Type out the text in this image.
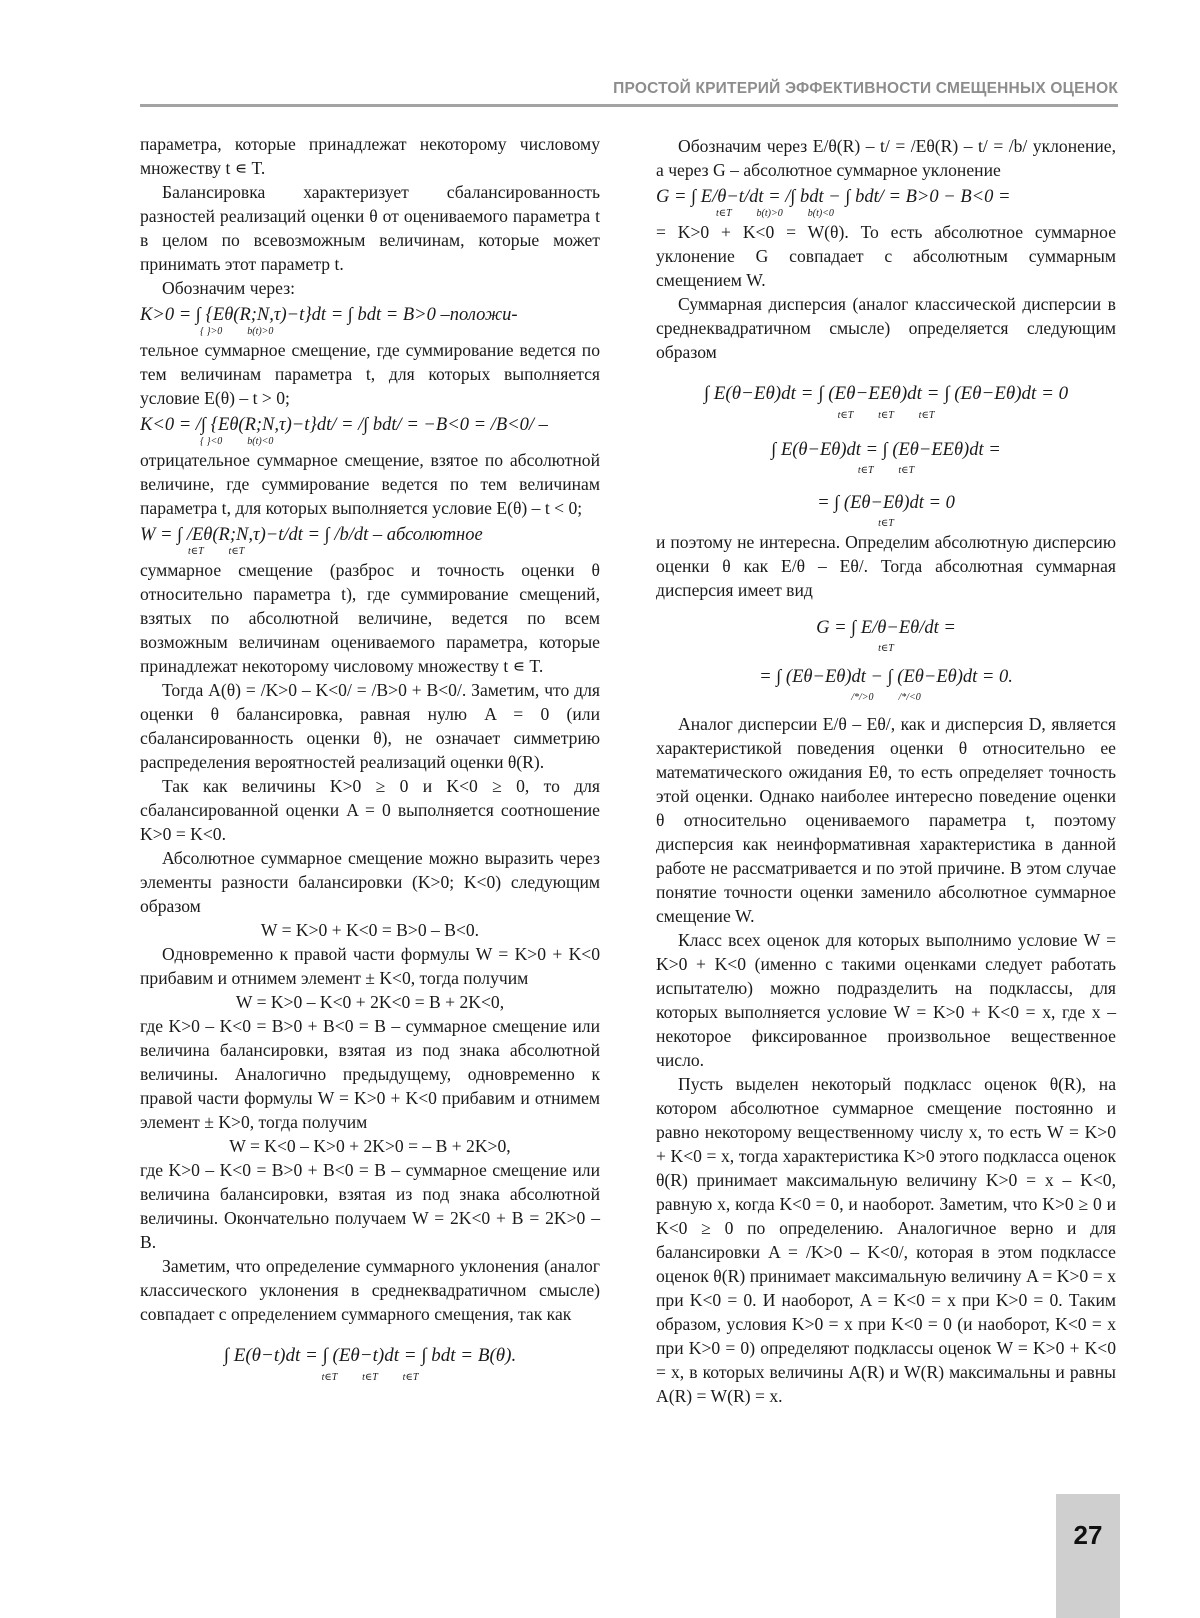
ПРОСТОЙ КРИТЕРИЙ ЭФФЕКТИВНОСТИ СМЕЩЕННЫХ ОЦЕНОК

параметра, которые принадлежат некоторому числовому множеству t ∊ T.

Балансировка характеризует сбалансированность разностей реализаций оценки θ от оцениваемого параметра t в целом по всевозможным величинам, которые может принимать этот параметр t.

Обозначим через:

K>0 = ∫ {Eθ(R;N,τ)−t}dt = ∫ bdt = B>0 –положи-
{ }>0          b(t)>0

тельное суммарное смещение, где суммирование ведется по тем величинам параметра t, для которых выполняется условие E(θ) – t > 0;

K<0 = /∫ {Eθ(R;N,τ)−t}dt/ = /∫ bdt/ = −B<0 = /B<0/ –
{ }<0          b(t)<0

отрицательное суммарное смещение, взятое по абсолютной величине, где суммирование ведется по тем величинам параметра t, для которых выполняется условие E(θ) – t < 0;

W = ∫ /Eθ(R;N,τ)−t/dt = ∫ /b/dt – абсолютное
t∈T          t∈T

суммарное смещение (разброс и точность оценки θ относительно параметра t), где суммирование смещений, взятых по абсолютной величине, ведется по всем возможным величинам оцениваемого параметра, которые принадлежат некоторому числовому множеству t ∊ T.

Тогда A(θ) = /K>0 – K<0/ = /B>0 + B<0/. Заметим, что для оценки θ балансировка, равная нулю A = 0 (или сбалансированность оценки θ), не означает симметрию распределения вероятностей реализаций оценки θ(R).

Так как величины K>0 ≥ 0 и K<0 ≥ 0, то для сбалансированной оценки A = 0 выполняется соотношение K>0 = K<0.

Абсолютное суммарное смещение можно выразить через элементы разности балансировки (K>0; K<0) следующим образом

W = K>0 + K<0 = B>0 – B<0.

Одновременно к правой части формулы W = K>0 + K<0 прибавим и отнимем элемент ± K<0, тогда получим

W = K>0 – K<0 + 2K<0 = B + 2K<0,

где K>0 – K<0 = B>0 + B<0 = B – суммарное смещение или величина балансировки, взятая из под знака абсолютной величины. Аналогично предыдущему, одновременно к правой части формулы W = K>0 + K<0 прибавим и отнимем элемент ± K>0, тогда получим

W = K<0 – K>0 + 2K>0 = – B + 2K>0,

где K>0 – K<0 = B>0 + B<0 = B – суммарное смещение или величина балансировки, взятая из под знака абсолютной величины. Окончательно получаем W = 2K<0 + B = 2K>0 – B.

Заметим, что определение суммарного уклонения (аналог классического уклонения в среднеквадратичном смысле) совпадает с определением суммарного смещения, так как

∫ E(θ−t)dt = ∫ (Eθ−t)dt = ∫ bdt = B(θ).
t∈T          t∈T          t∈T

Обозначим через E/θ(R) – t/ = /Eθ(R) – t/ = /b/ уклонение, а через G – абсолютное суммарное уклонение

G = ∫ E/θ−t/dt = /∫ bdt − ∫ bdt/ = B>0 − B<0 =
t∈T          b(t)>0          b(t)<0

= K>0 + K<0 = W(θ). То есть абсолютное суммарное уклонение G совпадает с абсолютным суммарным смещением W.

Суммарная дисперсия (аналог классической дисперсии в среднеквадратичном смысле) определяется следующим образом

∫ E(θ−Eθ)dt = ∫ (Eθ−EEθ)dt = ∫ (Eθ−Eθ)dt = 0
t∈T          t∈T          t∈T
∫ E(θ−Eθ)dt = ∫ (Eθ−EEθ)dt =
t∈T          t∈T
= ∫ (Eθ−Eθ)dt = 0
t∈T

и поэтому не интересна. Определим абсолютную дисперсию оценки θ как E/θ – Eθ/. Тогда абсолютная суммарная дисперсия имеет вид

G = ∫ E/θ−Eθ/dt =
t∈T
= ∫ (Eθ−Eθ)dt − ∫ (Eθ−Eθ)dt = 0.
/*/>0          /*/<0

Аналог дисперсии E/θ – Eθ/, как и дисперсия D, является характеристикой поведения оценки θ относительно ее математического ожидания Eθ, то есть определяет точность этой оценки. Однако наиболее интересно поведение оценки θ относительно оцениваемого параметра t, поэтому дисперсия как неинформативная характеристика в данной работе не рассматривается и по этой причине. В этом случае понятие точности оценки заменило абсолютное суммарное смещение W.

Класс всех оценок для которых выполнимо условие W = K>0 + K<0 (именно с такими оценками следует работать испытателю) можно подразделить на подклассы, для которых выполняется условие W = K>0 + K<0 = x, где x – некоторое фиксированное произвольное вещественное число.

Пусть выделен некоторый подкласс оценок θ(R), на котором абсолютное суммарное смещение постоянно и равно некоторому вещественному числу x, то есть W = K>0 + K<0 = x, тогда характеристика K>0 этого подкласса оценок θ(R) принимает максимальную величину K>0 = x – K<0, равную x, когда K<0 = 0, и наоборот. Заметим, что K>0 ≥ 0 и K<0 ≥ 0 по определению. Аналогичное верно и для балансировки A = /K>0 – K<0/, которая в этом подклассе оценок θ(R) принимает максимальную величину A = K>0 = x при K<0 = 0. И наоборот, A = K<0 = x при K>0 = 0. Таким образом, условия K>0 = x при K<0 = 0 (и наоборот, K<0 = x при K>0 = 0) определяют подклассы оценок W = K>0 + K<0 = x, в которых величины A(R) и W(R) максимальны и равны A(R) = W(R) = x.

27
